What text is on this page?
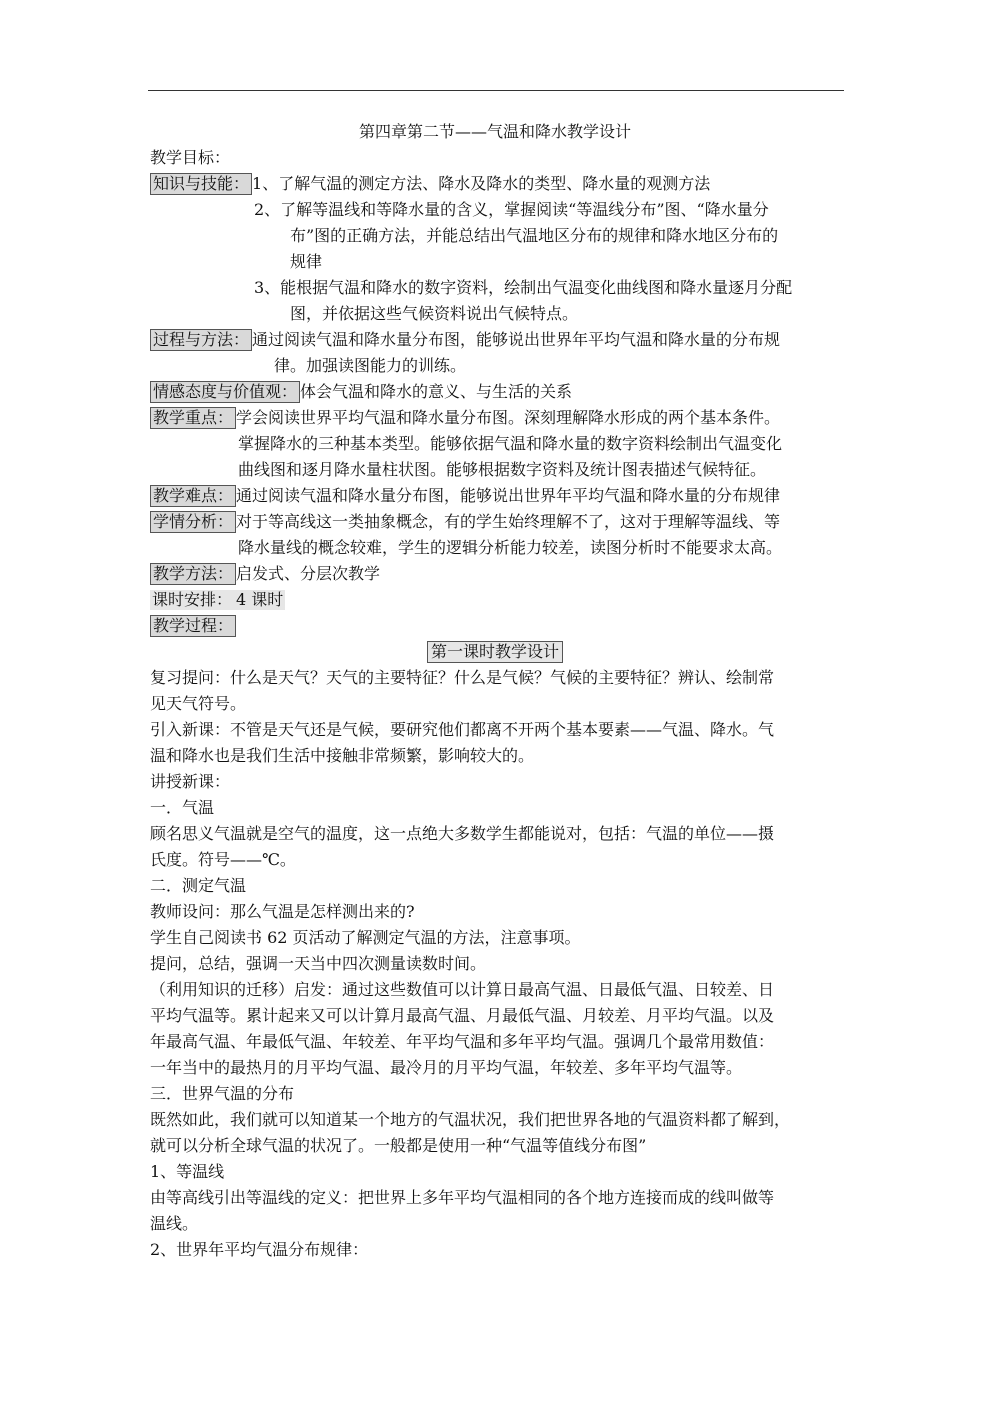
第四章第二节——气温和降水教学设计
教学目标：
知识与技能： 1、了解气温的测定方法、降水及降水的类型、降水量的观测方法
2、了解等温线和等降水量的含义，掌握阅读“等温线分布”图、“降水量分
布”图的正确方法，并能总结出气温地区分布的规律和降水地区分布的
规律
3、能根据气温和降水的数字资料，绘制出气温变化曲线图和降水量逐月分配
图，并依据这些气候资料说出气候特点。
过程与方法： 通过阅读气温和降水量分布图，能够说出世界年平均气温和降水量的分布规
律。加强读图能力的训练。
情感态度与价值观： 体会气温和降水的意义、与生活的关系
教学重点： 学会阅读世界平均气温和降水量分布图。深刻理解降水形成的两个基本条件。
掌握降水的三种基本类型。能够依据气温和降水量的数字资料绘制出气温变化
曲线图和逐月降水量柱状图。能够根据数字资料及统计图表描述气候特征。
教学难点： 通过阅读气温和降水量分布图，能够说出世界年平均气温和降水量的分布规律
学情分析： 对于等高线这一类抽象概念，有的学生始终理解不了，这对于理解等温线、等
降水量线的概念较难，学生的逻辑分析能力较差，读图分析时不能要求太高。
教学方法： 启发式、分层次教学
课时安排： 4 课时
教学过程：
第一课时教学设计
复习提问：什么是天气？天气的主要特征？什么是气候？气候的主要特征？辨认、绘制常
见天气符号。
引入新课：不管是天气还是气候，要研究他们都离不开两个基本要素——气温、降水。气
温和降水也是我们生活中接触非常频繁，影响较大的。
讲授新课：
一．气温
顾名思义气温就是空气的温度，这一点绝大多数学生都能说对，包括：气温的单位——摄
氏度。符号——℃。
二．测定气温
教师设问：那么气温是怎样测出来的?
学生自己阅读书 62 页活动了解测定气温的方法，注意事项。
提问，总结，强调一天当中四次测量读数时间。
（利用知识的迁移）启发：通过这些数值可以计算日最高气温、日最低气温、日较差、日
平均气温等。累计起来又可以计算月最高气温、月最低气温、月较差、月平均气温。以及
年最高气温、年最低气温、年较差、年平均气温和多年平均气温。强调几个最常用数值：
一年当中的最热月的月平均气温、最冷月的月平均气温，年较差、多年平均气温等。
三．世界气温的分布
既然如此，我们就可以知道某一个地方的气温状况，我们把世界各地的气温资料都了解到，
就可以分析全球气温的状况了。一般都是使用一种“气温等值线分布图”
1、等温线
由等高线引出等温线的定义：把世界上多年平均气温相同的各个地方连接而成的线叫做等
温线。
2、世界年平均气温分布规律：
